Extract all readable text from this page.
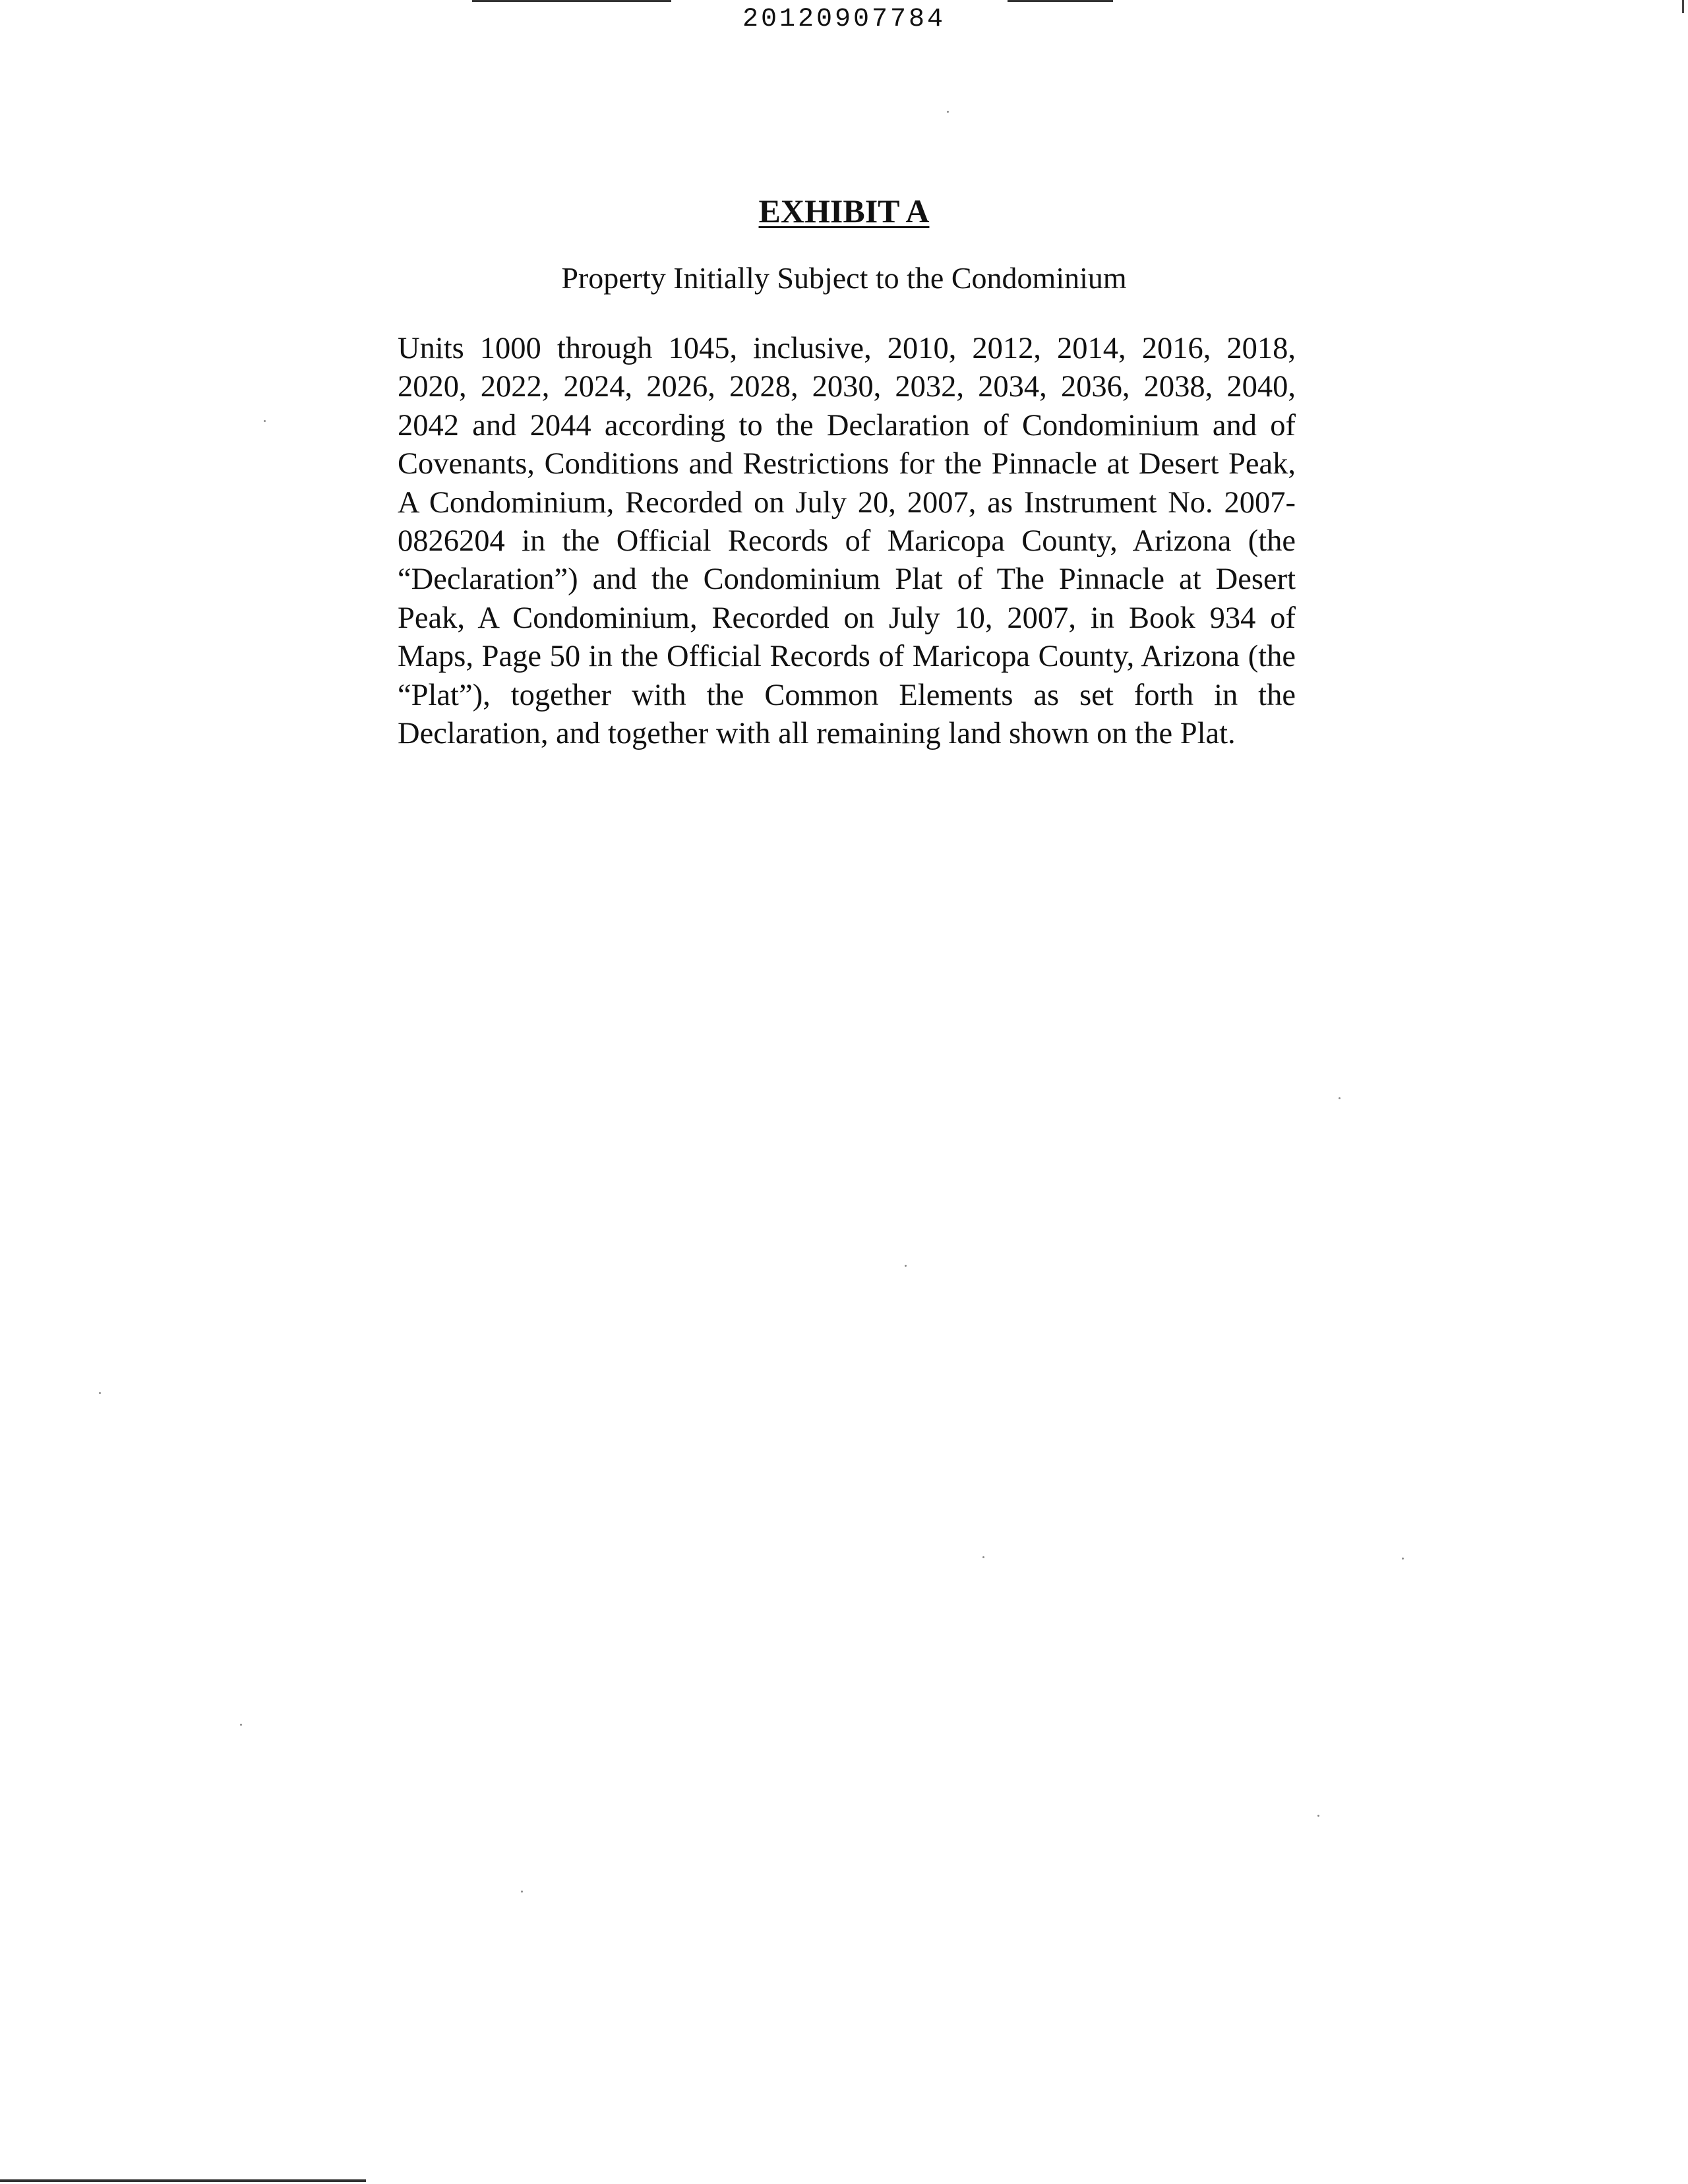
20120907784
EXHIBIT A
Property Initially Subject to the Condominium

Units 1000 through 1045, inclusive, 2010, 2012, 2014, 2016, 2018, 2020, 2022, 2024, 2026, 2028, 2030, 2032, 2034, 2036, 2038, 2040, 2042 and 2044 according to the Declaration of Condominium and of Covenants, Conditions and Restrictions for the Pinnacle at Desert Peak, A Condominium, Recorded on July 20, 2007, as Instrument No. 2007-0826204 in the Official Records of Maricopa County, Arizona (the “Declaration”) and the Condominium Plat of The Pinnacle at Desert Peak, A Condominium, Recorded on July 10, 2007, in Book 934 of Maps, Page 50 in the Official Records of Maricopa County, Arizona (the “Plat”), together with the Common Elements as set forth in the Declaration, and together with all remaining land shown on the Plat.
